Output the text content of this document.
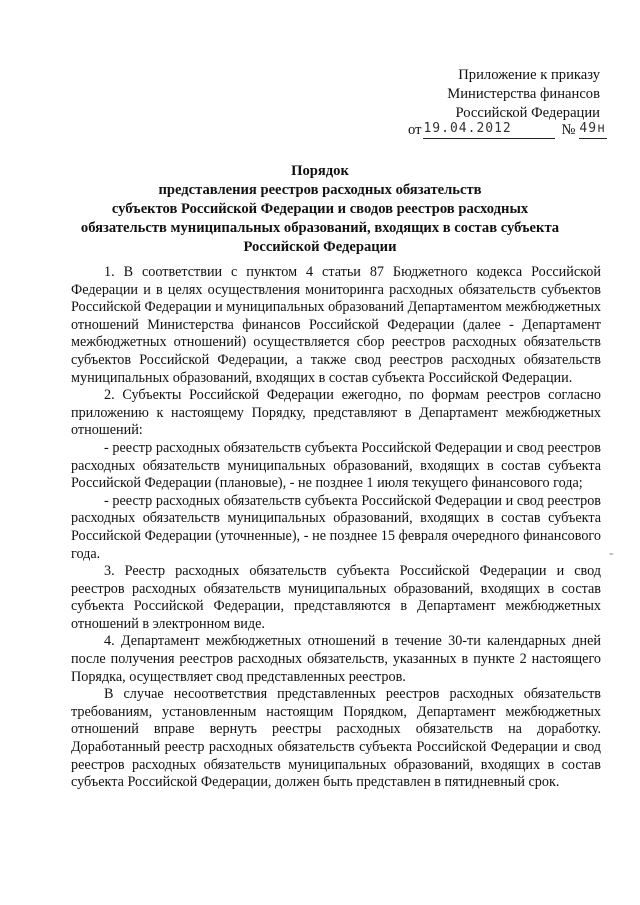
Приложение к приказу
Министерства финансов
Российской Федерации
от 19.04.2012	№ 49н
Порядок
представления реестров расходных обязательств
субъектов Российской Федерации и сводов реестров расходных
обязательств муниципальных образований, входящих в состав субъекта
Российской Федерации

1. В соответствии с пунктом 4 статьи 87 Бюджетного кодекса Российской Федерации и в целях осуществления мониторинга расходных обязательств субъектов Российской Федерации и муниципальных образований Департаментом межбюджетных отношений Министерства финансов Российской Федерации (далее - Департамент межбюджетных отношений) осуществляется сбор реестров расходных обязательств субъектов Российской Федерации, а также свод реестров расходных обязательств муниципальных образований, входящих в состав субъекта Российской Федерации.

2. Субъекты Российской Федерации ежегодно, по формам реестров согласно приложению к настоящему Порядку, представляют в Департамент межбюджетных отношений:

- реестр расходных обязательств субъекта Российской Федерации и свод реестров расходных обязательств муниципальных образований, входящих в состав субъекта Российской Федерации (плановые), - не позднее 1 июля текущего финансового года;

- реестр расходных обязательств субъекта Российской Федерации и свод реестров расходных обязательств муниципальных образований, входящих в состав субъекта Российской Федерации (уточненные), - не позднее 15 февраля очередного финансового года.

3. Реестр расходных обязательств субъекта Российской Федерации и свод реестров расходных обязательств муниципальных образований, входящих в состав субъекта Российской Федерации, представляются в Департамент межбюджетных отношений в электронном виде.

4. Департамент межбюджетных отношений в течение 30-ти календарных дней после получения реестров расходных обязательств, указанных в пункте 2 настоящего Порядка, осуществляет свод представленных реестров.

В случае несоответствия представленных реестров расходных обязательств требованиям, установленным настоящим Порядком, Департамент межбюджетных отношений вправе вернуть реестры расходных обязательств на доработку. Доработанный реестр расходных обязательств субъекта Российской Федерации и свод реестров расходных обязательств муниципальных образований, входящих в состав субъекта Российской Федерации, должен быть представлен в пятидневный срок.

-
